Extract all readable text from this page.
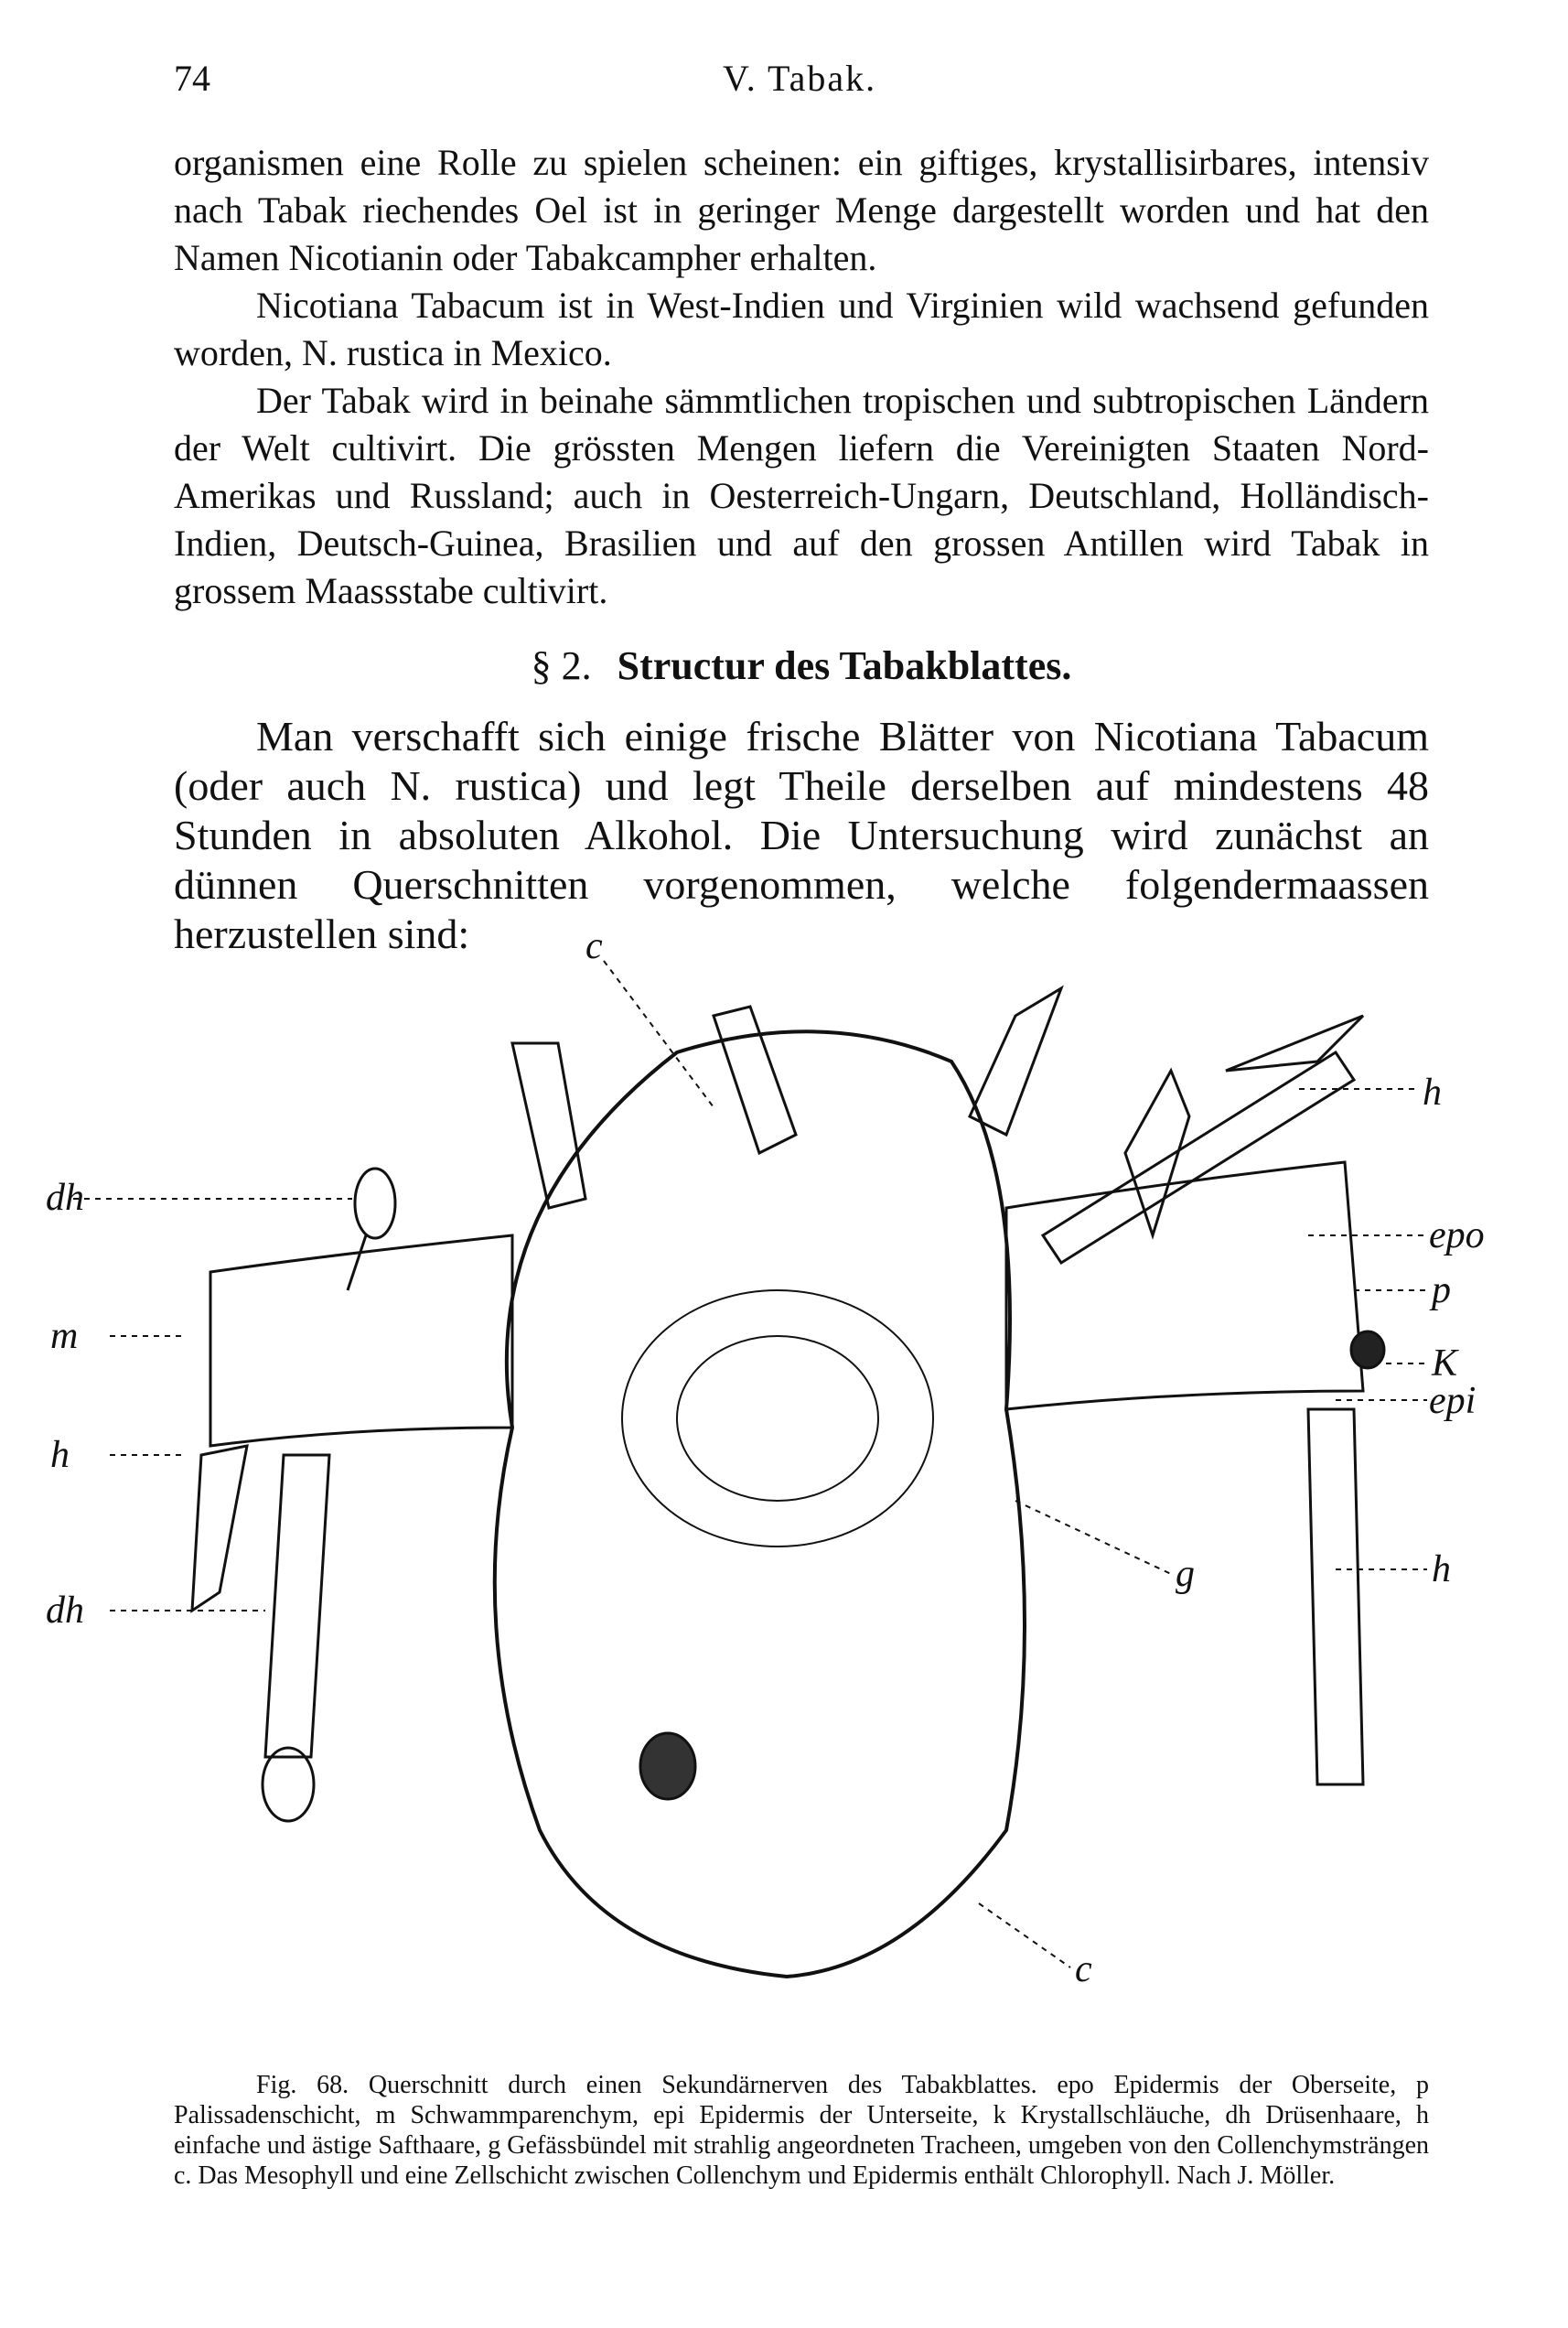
74	V. Tabak.

organismen eine Rolle zu spielen scheinen: ein giftiges, krystallisirbares, intensiv nach Tabak riechendes Oel ist in geringer Menge dargestellt worden und hat den Namen Nicotianin oder Tabakcampher erhalten.

Nicotiana Tabacum ist in West-Indien und Virginien wild wachsend gefunden worden, N. rustica in Mexico.

Der Tabak wird in beinahe sämmtlichen tropischen und subtropischen Ländern der Welt cultivirt. Die grössten Mengen liefern die Vereinigten Staaten Nord-Amerikas und Russland; auch in Oesterreich-Ungarn, Deutschland, Holländisch-Indien, Deutsch-Guinea, Brasilien und auf den grossen Antillen wird Tabak in grossem Maassstabe cultivirt.

§ 2. Structur des Tabakblattes.

Man verschafft sich einige frische Blätter von Nicotiana Tabacum (oder auch N. rustica) und legt Theile derselben auf mindestens 48 Stunden in absoluten Alkohol. Die Untersuchung wird zunächst an dünnen Querschnitten vorgenommen, welche folgendermaassen herzustellen sind:	c
h
dh
epo
p
m
K
epi
h
g	h
dh
c

Fig. 68. Querschnitt durch einen Sekundärnerven des Tabakblattes. epo Epidermis der Oberseite, p Palissadenschicht, m Schwammparenchym, epi Epidermis der Unterseite, k Krystallschläuche, dh Drüsenhaare, h einfache und ästige Safthaare, g Gefässbündel mit strahlig angeordneten Tracheen, umgeben von den Collenchymsträngen c. Das Mesophyll und eine Zellschicht zwischen Collenchym und Epidermis enthält Chlorophyll. Nach J. Möller.
